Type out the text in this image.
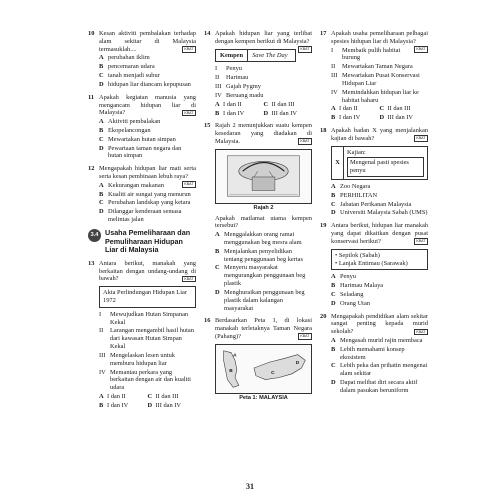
10 Kesan aktiviti pembalakan terhadap alam sekitar di Malaysia termasuklah....	KBAT
A perubahan iklim
B pencemaran udara
C tanah menjadi subur
D hidupan liar diancam kepupusan
11 Apakah kegiatan manusia yang mengancam hidupan liar di Malaysia?	KBAT
A Aktiviti pembalakan
B Ekopelancongan
C Mewartakan hutan simpan
D Pewartaan taman negara dan hutan simpan
12 Mengapakah hidupan liar mati serta serta kesan pembinaan lebuh raya?
KBAT
A Kekurangan makanan
B Kualiti air sungai yang menurun
C Perubahan landskap yang ketara
D Dilanggar kenderaan semasa melintas jalan
3.4 Usaha Pemeliharaan dan Pemuliharaan Hidupan Liar di Malaysia
13 Antara berikut, manakah yang berkaitan dengan undang-undang di bawah?	KBAT
Akta Perlindungan Hidupan Liar 1972
I	Mewujudkan Hutan Simpanan Kekal
II	Larangan mengambil hasil hutan dari kawasan Hutan Simpan Kekal
III Mengelaskan lesen untuk memburu hidupan liar
IV Memantau perkara yang berkaitan dengan air dan kualiti udara
A I dan II	C II dan III
B I dan IV	D III dan IV
14 Apakah hidupan liar yang terlibat dengan kempen berikut di Malaysia?
KBAT
Kempen	Save The Day
I	Penyu
II	Harimau
III Gajah Pygmy
IV Beruang madu
A I dan II	C II dan III
B I dan IV	D III dan IV
15 Rajah 2 menunjukkan suatu kempen kesedaran yang diadakan di Malaysia.	KBAT
Rajah 2
Apakah matlamat utama kempen tersebut?
A Menggalakkan orang ramai menggunakan beg mesra alam
B Menjalankan penyelidikan tentang penggunaan beg kertas
C Menyeru masyarakat mengurangkan penggunaan beg plastik
D Menghuraikan penggunaan beg plastik dalam kalangan masyarakat
16 Berdasarkan Peta 1, di lokasi manakah terletaknya Taman Negara (Pahang)?	KBAT
A
B	C
D
Peta 1: MALAYSIA
17 Apakah usaha pemeliharaan pelbagai spesies hidupan liar di Malaysia?
KBAT
I	Membaik pulih habitat burung
II	Mewartakan Taman Negara
III Mewartakan Pusat Konservasi Hidupan Liar
IV Memindahkan hidupan liar ke habitat baharu
A I dan II	C II dan III
B I dan IV	D III dan IV
18 Apakah badan X yang menjalankan kajian di bawah?	KBAT
X
Kajian:
Mengenal pasti spesies penyu
A Zoo Negara
B PERHILITAN
C Jabatan Perikanan Malaysia
D Universiti Malaysia Sabah (UMS)
19 Antara berikut, hidupan liar manakah yang dapat dikaitkan dengan pusat konservasi berikut?	KBAT
• Sepilok (Sabah)
• Lanjak Entimau (Sarawak)
A Penyu
B Harimau Malaya
C Seladang
D Orang Utan
20 Mengapakah pendidikan alam sekitar sangat penting kepada murid sekolah?	KBAT
A Mengasah murid rajin membaca
B Lebih memahami konsep ekosistem
C Lebih peka dan prihatin mengenai alam sekitar
D Dapat melibat diri secara aktif dalam pasukan beruniform
31
